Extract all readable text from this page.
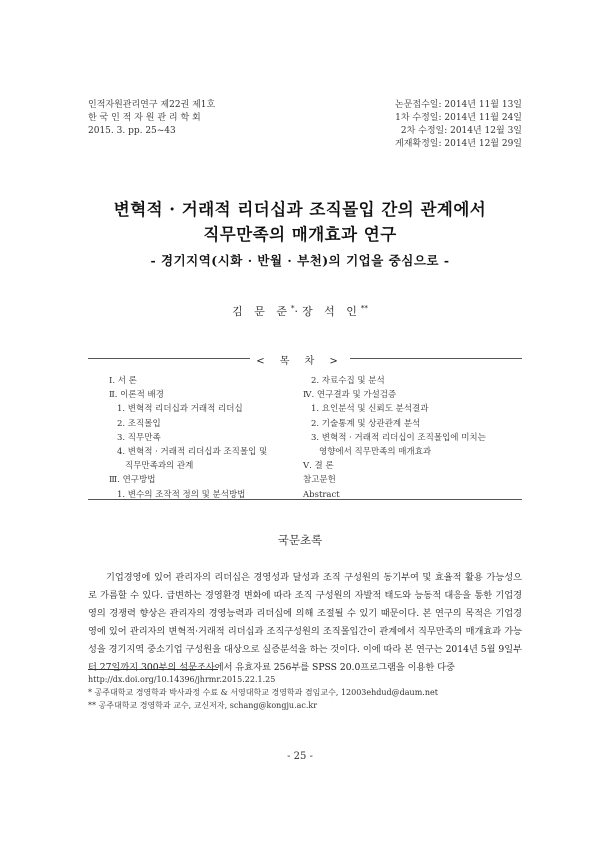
인적자원관리연구 제22권 제1호
한 국 인 적 자 원 관 리 학 회
2015. 3. pp. 25~43
논문접수일: 2014년 11월 13일
1차 수정일: 2014년 11월 24일
2차 수정일: 2014년 12월 3일
게재확정일: 2014년 12월 29일
변혁적 · 거래적 리더십과 조직몰입 간의 관계에서
직무만족의 매개효과 연구
- 경기지역(시화 · 반월 · 부천)의 기업을 중심으로 -
김 문 준*·장 석 인**
< 목 차 >
Ⅰ. 서 론
Ⅱ. 이론적 배경
1. 변혁적 리더십과 거래적 리더십
2. 조직몰입
3. 직무만족
4. 변혁적 · 거래적 리더십과 조직몰입 및
직무만족과의 관계
Ⅲ. 연구방법
1. 변수의 조작적 정의 및 분석방법
2. 자료수집 및 분석
Ⅳ. 연구결과 및 가설검증
1. 요인분석 및 신뢰도 분석결과
2. 기술통계 및 상관관계 분석
3. 변혁적 · 거래적 리더십이 조직몰입에 미치는
영향에서 직무만족의 매개효과
Ⅴ. 결 론
참고문헌
Abstract
국문초록

기업경영에 있어 관리자의 리더십은 경영성과 달성과 조직 구성원의 동기부여 및 효율적 활용 가능성으로 가름할 수 있다. 급변하는 경영환경 변화에 따라 조직 구성원의 자발적 태도와 능동적 대응을 통한 기업경영의 경쟁력 향상은 관리자의 경영능력과 리더십에 의해 조절될 수 있기 때문이다. 본 연구의 목적은 기업경영에 있어 관리자의 변혁적·거래적 리더십과 조직구성원의 조직몰입간이 관계에서 직무만족의 매개효과 가능성을 경기지역 중소기업 구성원을 대상으로 실증분석을 하는 것이다. 이에 따라 본 연구는 2014년 5월 9일부터 27일까지 300부의 설문조사에서 유효자료 256부를 SPSS 20.0프로그램을 이용한 다중

http://dx.doi.org/10.14396/jhrmr.2015.22.1.25
* 공주대학교 경영학과 박사과정 수료 & 서영대학교 경영학과 겸임교수, 12003ehdud@daum.net
** 공주대학교 경영학과 교수, 교신저자, schang@kongju.ac.kr
- 25 -
